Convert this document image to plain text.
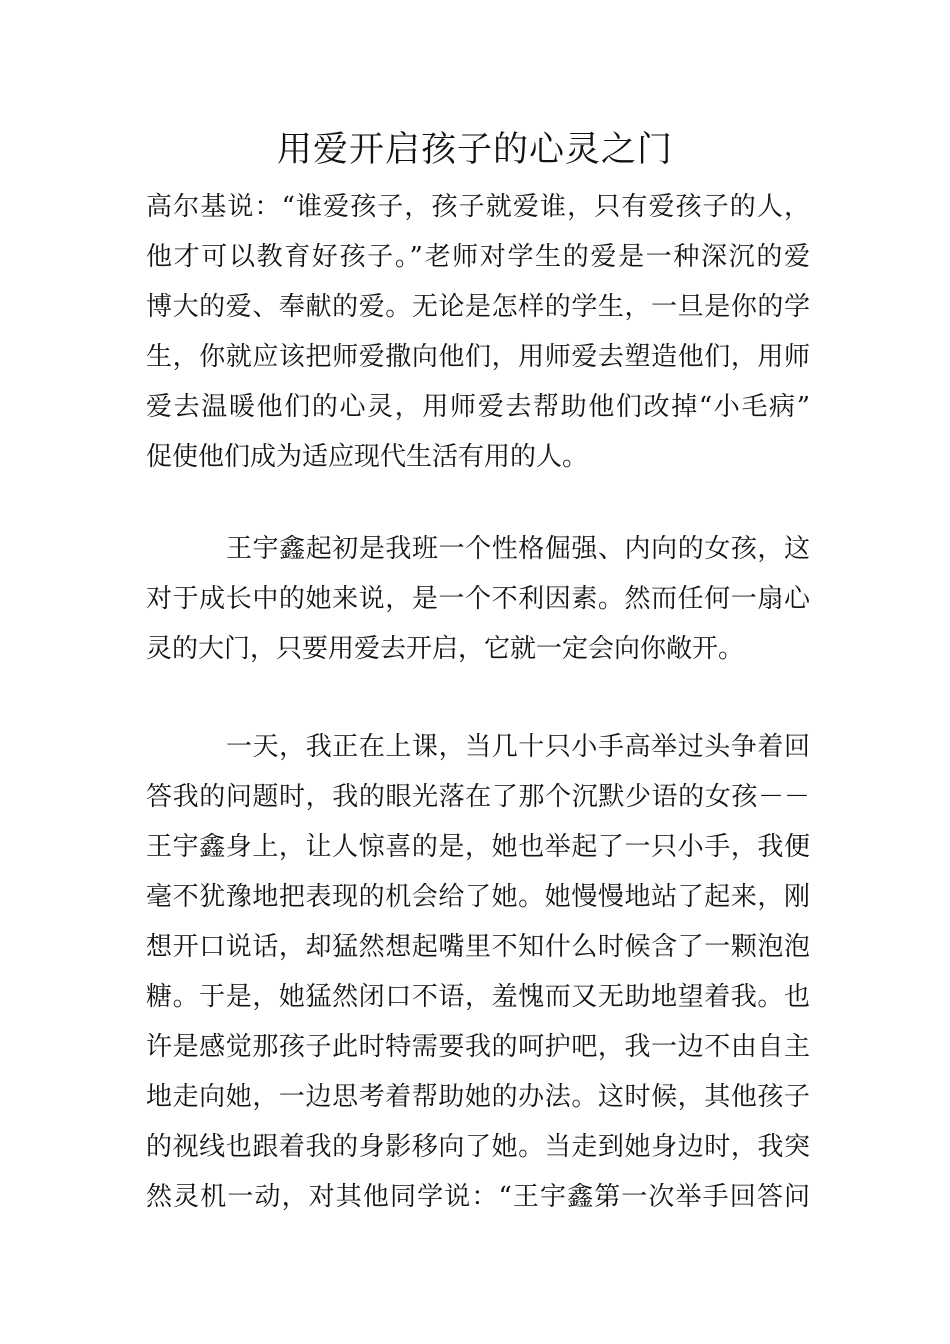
用爱开启孩子的心灵之门
高尔基说：“谁爱孩子，孩子就爱谁，只有爱孩子的人，
他才可以教育好孩子。”老师对学生的爱是一种深沉的爱
博大的爱、奉献的爱。无论是怎样的学生，一旦是你的学
生，你就应该把师爱撒向他们，用师爱去塑造他们，用师
爱去温暖他们的心灵，用师爱去帮助他们改掉“小毛病”
促使他们成为适应现代生活有用的人。
王宇鑫起初是我班一个性格倔强、内向的女孩，这
对于成长中的她来说，是一个不利因素。然而任何一扇心
灵的大门，只要用爱去开启，它就一定会向你敞开。
一天，我正在上课，当几十只小手高举过头争着回
答我的问题时，我的眼光落在了那个沉默少语的女孩－－
王宇鑫身上，让人惊喜的是，她也举起了一只小手，我便
毫不犹豫地把表现的机会给了她。她慢慢地站了起来，刚
想开口说话，却猛然想起嘴里不知什么时候含了一颗泡泡
糖。于是，她猛然闭口不语，羞愧而又无助地望着我。也
许是感觉那孩子此时特需要我的呵护吧，我一边不由自主
地走向她，一边思考着帮助她的办法。这时候，其他孩子
的视线也跟着我的身影移向了她。当走到她身边时，我突
然灵机一动，对其他同学说：“王宇鑫第一次举手回答问
